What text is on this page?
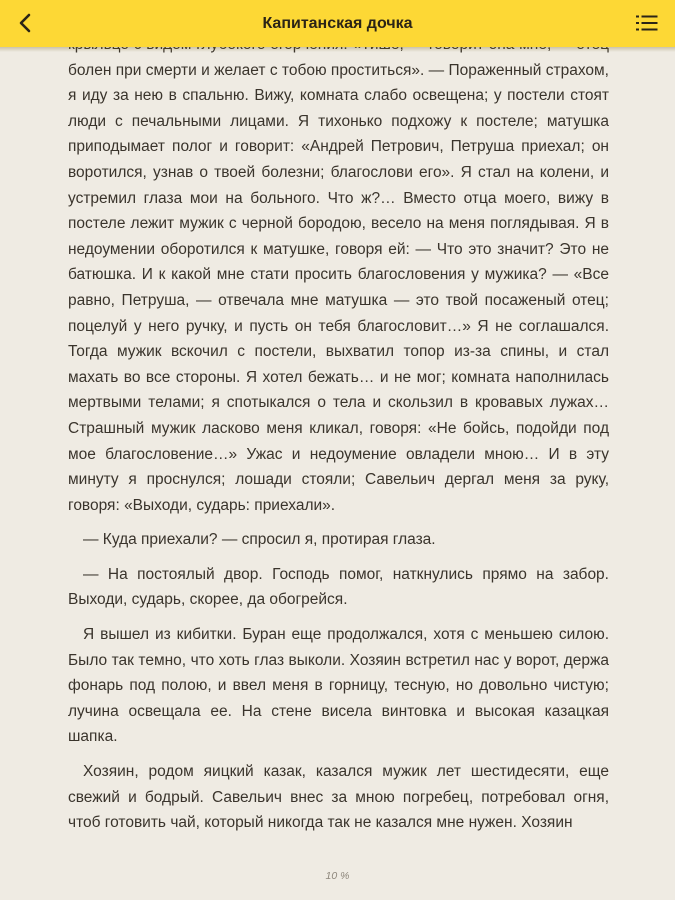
болен при смерти и желает с тобою проститься». — Пораженный страхом, я иду за нею в спальню. Вижу, комната слабо освещена; у постели стоят люди с печальными лицами. Я тихонько подхожу к постеле; матушка приподымает полог и говорит: «Андрей Петрович, Петруша приехал; он воротился, узнав о твоей болезни; благослови его». Я стал на колени, и устремил глаза мои на больного. Что ж?… Вместо отца моего, вижу в постеле лежит мужик с черной бородою, весело на меня поглядывая. Я в недоумении оборотился к матушке, говоря ей: — Что это значит? Это не батюшка. И к какой мне стати просить благословения у мужика? — «Все равно, Петруша, — отвечала мне матушка — это твой посаженый отец; поцелуй у него ручку, и пусть он тебя благословит…» Я не соглашался. Тогда мужик вскочил с постели, выхватил топор из-за спины, и стал махать во все стороны. Я хотел бежать… и не мог; комната наполнилась мертвыми телами; я спотыкался о тела и скользил в кровавых лужах… Страшный мужик ласково меня кликал, говоря: «Не бойсь, подойди под мое благословение…» Ужас и недоумение овладели мною… И в эту минуту я проснулся; лошади стояли; Савельич дергал меня за руку, говоря: «Выходи, сударь: приехали».

— Куда приехали? — спросил я, протирая глаза.

— На постоялый двор. Господь помог, наткнулись прямо на забор. Выходи, сударь, скорее, да обогрейся.

Я вышел из кибитки. Буран еще продолжался, хотя с меньшею силою. Было так темно, что хоть глаз выколи. Хозяин встретил нас у ворот, держа фонарь под полою, и ввел меня в горницу, тесную, но довольно чистую; лучина освещала ее. На стене висела винтовка и высокая казацкая шапка.

Хозяин, родом яицкий казак, казался мужик лет шестидесяти, еще свежий и бодрый. Савельич внес за мною погребец, потребовал огня, чтоб готовить чай, который никогда так не казался мне нужен. Хозяин

Капитанская дочка
10 %
